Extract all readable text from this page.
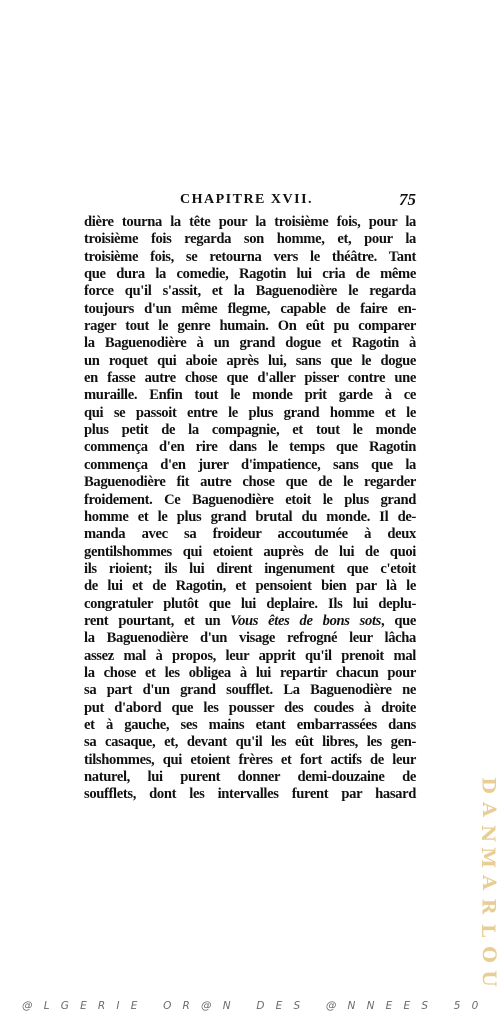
CHAPITRE XVII.	75
dière tourna la tête pour la troisième fois, pour la
troisième fois regarda son homme, et, pour la
troisième fois, se retourna vers le théâtre. Tant
que dura la comedie, Ragotin lui cria de même
force qu'il s'assit, et la Baguenodière le regarda
toujours d'un même flegme, capable de faire en-
rager tout le genre humain. On eût pu comparer
la Baguenodière à un grand dogue et Ragotin à
un roquet qui aboie après lui, sans que le dogue
en fasse autre chose que d'aller pisser contre une
muraille. Enfin tout le monde prit garde à ce
qui se passoit entre le plus grand homme et le
plus petit de la compagnie, et tout le monde
commença d'en rire dans le temps que Ragotin
commença d'en jurer d'impatience, sans que la
Baguenodière fit autre chose que de le regarder
froidement. Ce Baguenodière etoit le plus grand
homme et le plus grand brutal du monde. Il de-
manda avec sa froideur accoutumée à deux
gentilshommes qui etoient auprès de lui de quoi
ils rioient; ils lui dirent ingenument que c'etoit
de lui et de Ragotin, et pensoient bien par là le
congratuler plutôt que lui deplaire. Ils lui deplu-
rent pourtant, et un Vous êtes de bons sots, que
la Baguenodière d'un visage refrogné leur lâcha
assez mal à propos, leur apprit qu'il prenoit mal
la chose et les obligea à lui repartir chacun pour
sa part d'un grand soufflet. La Baguenodière ne
put d'abord que les pousser des coudes à droite
et à gauche, ses mains etant embarrassées dans
sa casaque, et, devant qu'il les eût libres, les gen-
tilshommes, qui etoient frères et fort actifs de leur
naturel, lui purent donner demi-douzaine de
soufflets, dont les intervalles furent par hasard
D
A
N
M
A
R
L
O
U
@LGERIE OR@N DES @NNEES 50
